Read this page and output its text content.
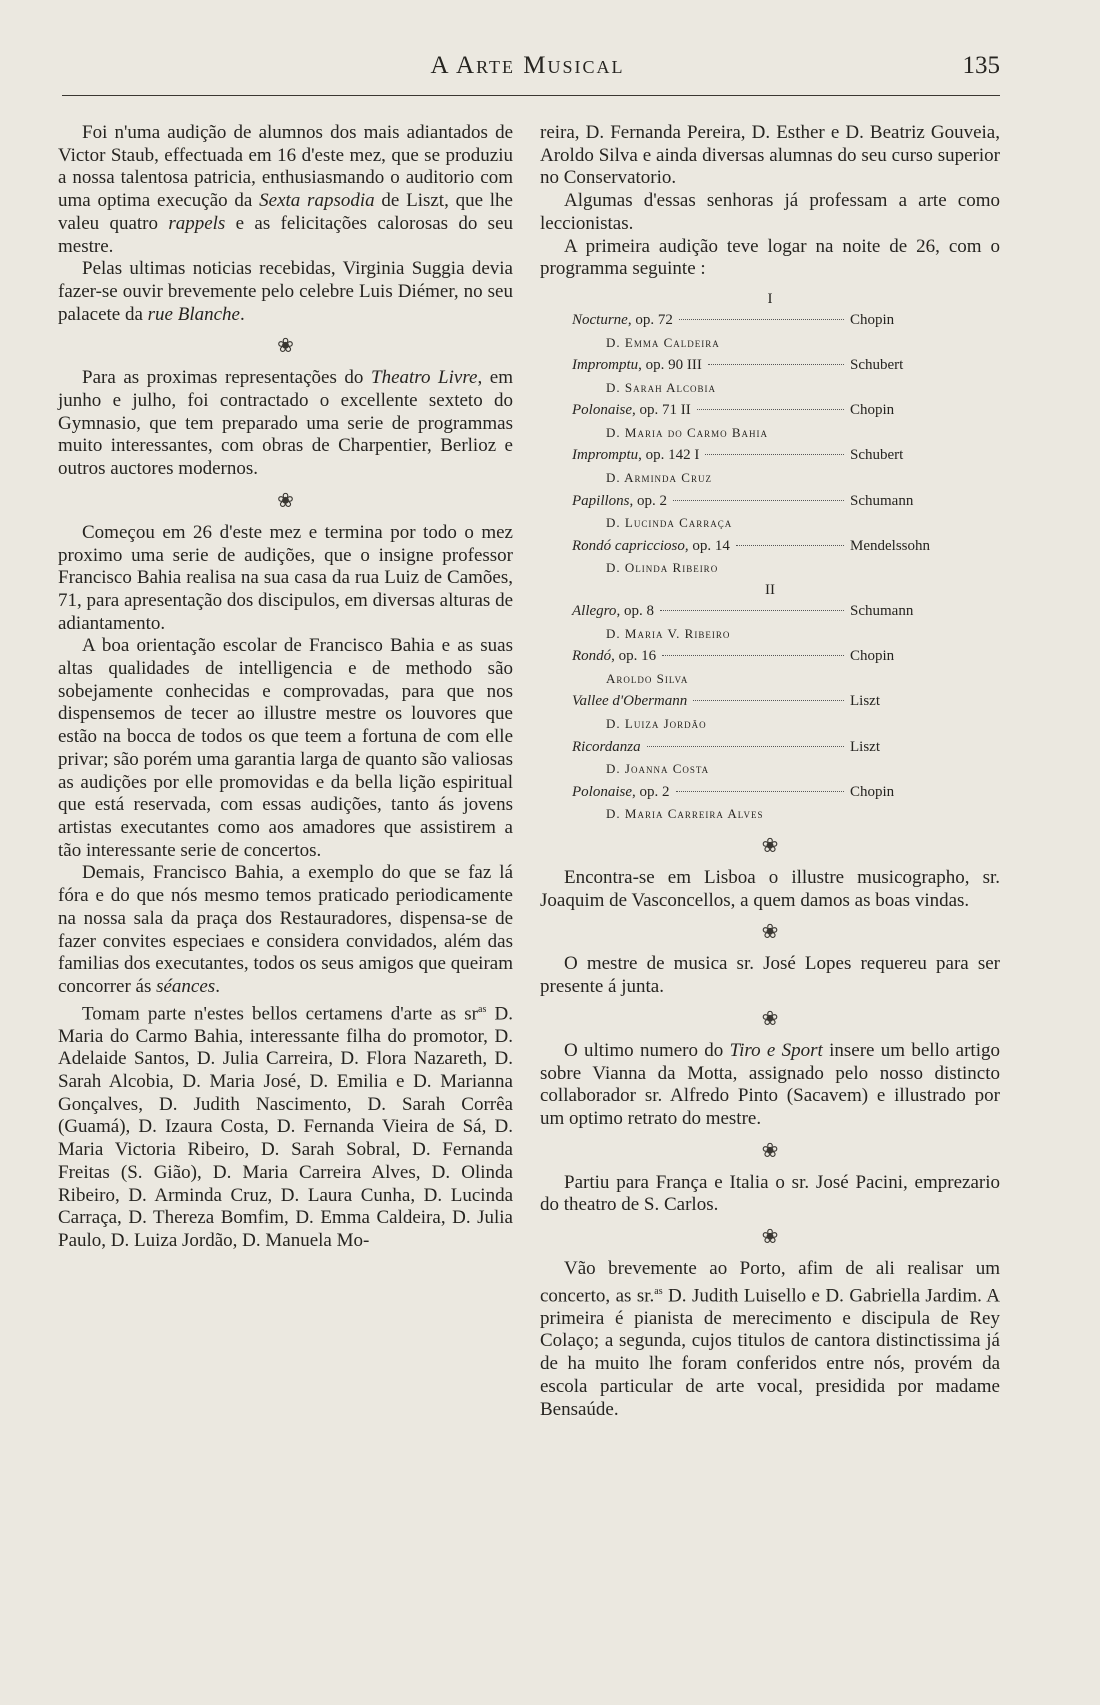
A Arte Musical	135

Foi n'uma audição de alumnos dos mais adiantados de Victor Staub, effectuada em 16 d'este mez, que se produziu a nossa talentosa patricia, enthusiasmando o auditorio com uma optima execução da Sexta rapsodia de Liszt, que lhe valeu quatro rappels e as felicitações calorosas do seu mestre.

Pelas ultimas noticias recebidas, Virginia Suggia devia fazer-se ouvir brevemente pelo celebre Luis Diémer, no seu palacete da rue Blanche.

❀

Para as proximas representações do Theatro Livre, em junho e julho, foi contractado o excellente sexteto do Gymnasio, que tem preparado uma serie de programmas muito interessantes, com obras de Charpentier, Berlioz e outros auctores modernos.

❀

Começou em 26 d'este mez e termina por todo o mez proximo uma serie de audições, que o insigne professor Francisco Bahia realisa na sua casa da rua Luiz de Camões, 71, para apresentação dos discipulos, em diversas alturas de adiantamento.

A boa orientação escolar de Francisco Bahia e as suas altas qualidades de intelligencia e de methodo são sobejamente conhecidas e comprovadas, para que nos dispensemos de tecer ao illustre mestre os louvores que estão na bocca de todos os que teem a fortuna de com elle privar; são porém uma garantia larga de quanto são valiosas as audições por elle promovidas e da bella lição espiritual que está reservada, com essas audições, tanto ás jovens artistas executantes como aos amadores que assistirem a tão interessante serie de concertos.

Demais, Francisco Bahia, a exemplo do que se faz lá fóra e do que nós mesmo temos praticado periodicamente na nossa sala da praça dos Restauradores, dispensa-se de fazer convites especiaes e considera convidados, além das familias dos executantes, todos os seus amigos que queiram concorrer ás séances.

Tomam parte n'estes bellos certamens d'arte as $sr^{as}$ D. Maria do Carmo Bahia, interessante filha do promotor, D. Adelaide Santos, D. Julia Carreira, D. Flora Nazareth, D. Sarah Alcobia, D. Maria José, D. Emilia e D. Marianna Gonçalves, D. Judith Nascimento, D. Sarah Corrêa (Guamá), D. Izaura Costa, D. Fernanda Vieira de Sá, D. Maria Victoria Ribeiro, D. Sarah Sobral, D. Fernanda Freitas (S. Gião), D. Maria Carreira Alves, D. Olinda Ribeiro, D. Arminda Cruz, D. Laura Cunha, D. Lucinda Carraça, D. Thereza Bomfim, D. Emma Caldeira, D. Julia Paulo, D. Luiza Jordão, D. Manuela Mo-

reira, D. Fernanda Pereira, D. Esther e D. Beatriz Gouveia, Aroldo Silva e ainda diversas alumnas do seu curso superior no Conservatorio.

Algumas d'essas senhoras já professam a arte como leccionistas.

A primeira audição teve logar na noite de 26, com o programma seguinte :

I
Nocturne , op. 72	Chopin
D. Emma Caldeira
Impromptu , op. 90 III	Schubert
D. Sarah Alcobia
Polonaise , op. 71 II	Chopin
D. Maria do Carmo Bahia
Impromptu , op. 142 I	Schubert
D. Arminda Cruz
Papillons , op. 2	Schumann
D. Lucinda Carraça
Rondó capriccioso , op. 14	Mendelssohn
D. Olinda Ribeiro
II
Allegro , op. 8	Schumann
D. Maria V. Ribeiro
Rondó , op. 16	Chopin
Aroldo Silva
Vallee d'Obermann	Liszt
D. Luiza Jordão
Ricordanza	Liszt
D. Joanna Costa
Polonaise , op. 2	Chopin
D. Maria Carreira Alves
❀

Encontra-se em Lisboa o illustre musicographo, sr. Joaquim de Vasconcellos, a quem damos as boas vindas.

❀

O mestre de musica sr. José Lopes requereu para ser presente á junta.

❀

O ultimo numero do Tiro e Sport insere um bello artigo sobre Vianna da Motta, assignado pelo nosso distincto collaborador sr. Alfredo Pinto (Sacavem) e illustrado por um optimo retrato do mestre.

❀

Partiu para França e Italia o sr. José Pacini, emprezario do theatro de S. Carlos.

❀

Vão brevemente ao Porto, afim de ali realisar um concerto, as sr.$^{as}$ D. Judith Luisello e D. Gabriella Jardim. A primeira é pianista de merecimento e discipula de Rey Colaço; a segunda, cujos titulos de cantora distinctissima já de ha muito lhe foram conferidos entre nós, provém da escola particular de arte vocal, presidida por madame Bensaúde.
